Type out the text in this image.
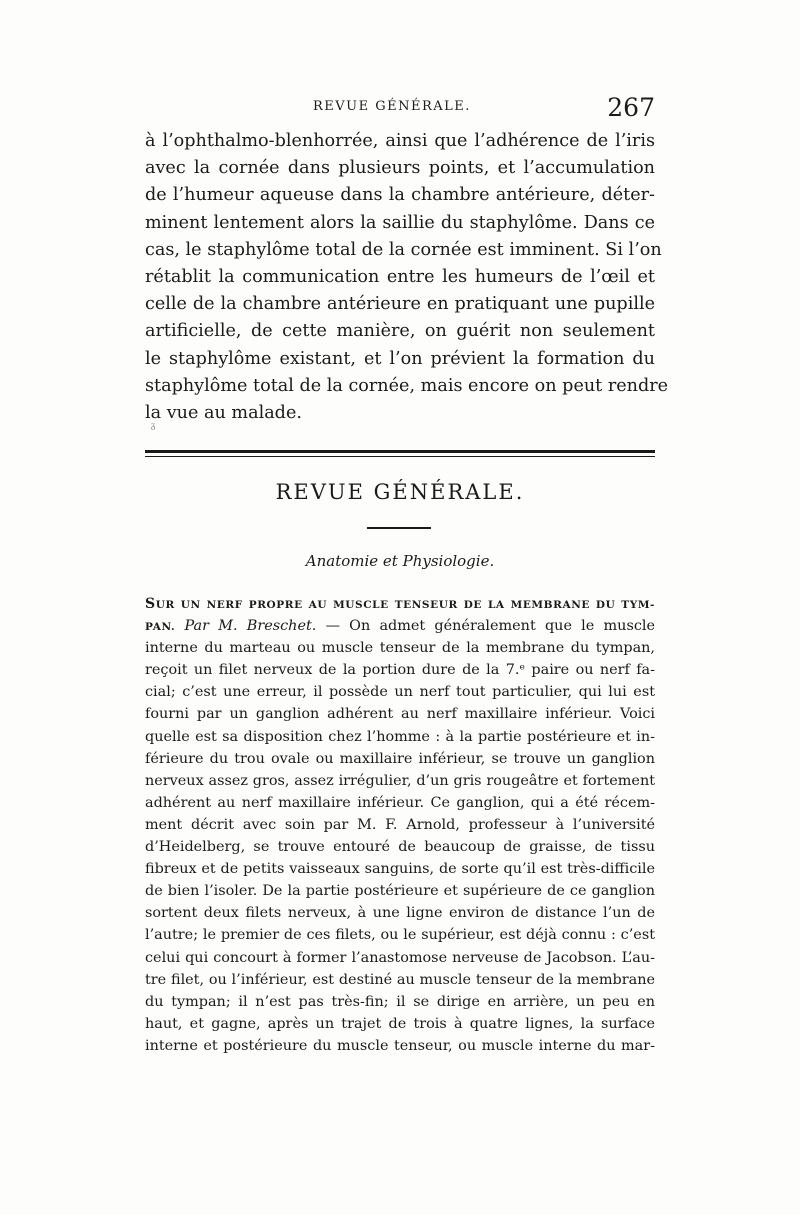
REVUE GÉNÉRALE.	267
à l’ophthalmo-blenhorrée, ainsi que l’adhérence de l’iris
avec la cornée dans plusieurs points, et l’accumulation
de l’humeur aqueuse dans la chambre antérieure, déter-
minent lentement alors la saillie du staphylôme. Dans ce
cas, le staphylôme total de la cornée est imminent. Si l’on
rétablit la communication entre les humeurs de l’œil et
celle de la chambre antérieure en pratiquant une pupille
artificielle, de cette manière, on guérit non seulement
le staphylôme existant, et l’on prévient la formation du
staphylôme total de la cornée, mais encore on peut rendre
la vue au malade.
ᵹ
REVUE GÉNÉRALE.
Anatomie et Physiologie.
SUR UN NERF PROPRE AU MUSCLE TENSEUR DE LA MEMBRANE DU TYM-
PAN. Par M. Breschet. — On admet généralement que le muscle
interne du marteau ou muscle tenseur de la membrane du tympan,
reçoit un filet nerveux de la portion dure de la 7.ᵉ paire ou nerf fa-
cial; c’est une erreur, il possède un nerf tout particulier, qui lui est
fourni par un ganglion adhérent au nerf maxillaire inférieur. Voici
quelle est sa disposition chez l’homme : à la partie postérieure et in-
férieure du trou ovale ou maxillaire inférieur, se trouve un ganglion
nerveux assez gros, assez irrégulier, d’un gris rougeâtre et fortement
adhérent au nerf maxillaire inférieur. Ce ganglion, qui a été récem-
ment décrit avec soin par M. F. Arnold, professeur à l’université
d’Heidelberg, se trouve entouré de beaucoup de graisse, de tissu
fibreux et de petits vaisseaux sanguins, de sorte qu’il est très-difficile
de bien l’isoler. De la partie postérieure et supérieure de ce ganglion
sortent deux filets nerveux, à une ligne environ de distance l’un de
l’autre; le premier de ces filets, ou le supérieur, est déjà connu : c’est
celui qui concourt à former l’anastomose nerveuse de Jacobson. L’au-
tre filet, ou l’inférieur, est destiné au muscle tenseur de la membrane
du tympan; il n’est pas très-fin; il se dirige en arrière, un peu en
haut, et gagne, après un trajet de trois à quatre lignes, la surface
interne et postérieure du muscle tenseur, ou muscle interne du mar-
